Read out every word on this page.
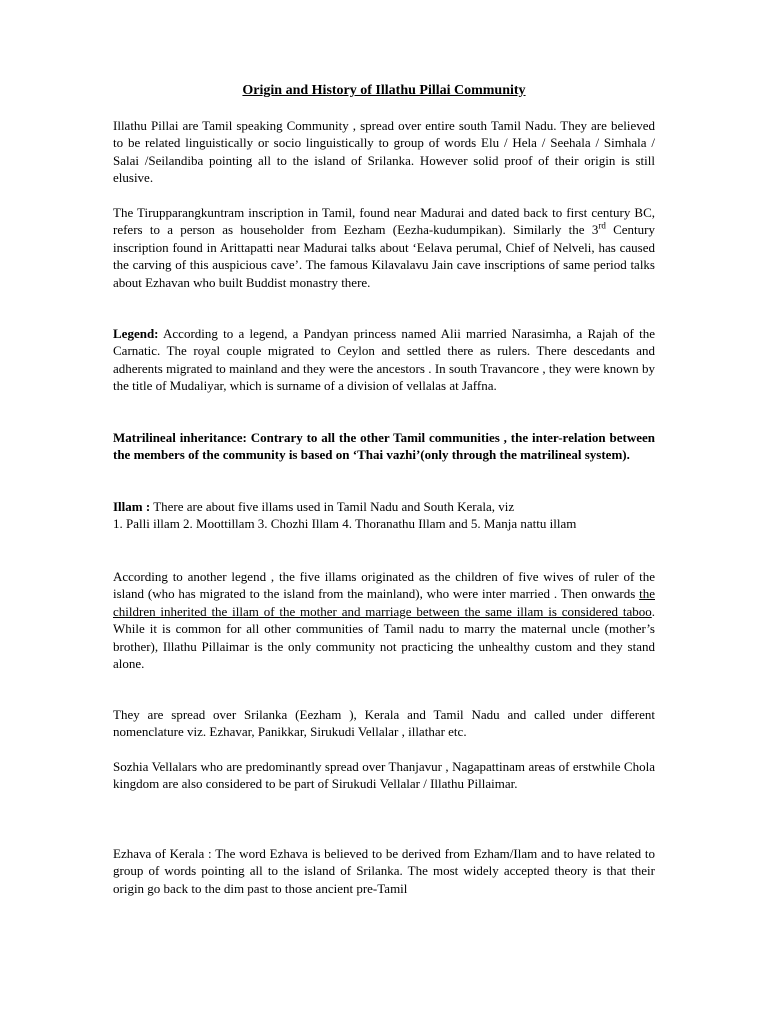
Origin and History of Illathu Pillai Community
Illathu Pillai are Tamil speaking Community , spread over entire south Tamil Nadu. They are believed to be related linguistically or socio linguistically to group of words Elu / Hela / Seehala / Simhala / Salai /Seilandiba pointing all to the island of Srilanka. However solid proof of their origin is still elusive.
The Tirupparangkuntram inscription in Tamil, found near Madurai and dated back to first century BC, refers to a person as householder from Eezham (Eezha-kudumpikan). Similarly the 3rd Century inscription found in Arittapatti near Madurai talks about ‘Eelava perumal, Chief of Nelveli, has caused the carving of this auspicious cave’. The famous Kilavalavu Jain cave inscriptions of same period talks about Ezhavan who built Buddist monastry there.
Legend: According to a legend, a Pandyan princess named Alii married Narasimha, a Rajah of the Carnatic. The royal couple migrated to Ceylon and settled there as rulers. There descedants and adherents migrated to mainland and they were the ancestors . In south Travancore , they were known by the title of Mudaliyar, which is surname of a division of vellalas at Jaffna.
Matrilineal inheritance: Contrary to all the other Tamil communities , the inter-relation between the members of the community is based on ‘Thai vazhi’(only through the matrilineal system).
Illam : There are about five illams used in Tamil Nadu and South Kerala, viz
1. Palli illam 2. Moottillam 3. Chozhi Illam 4. Thoranathu Illam and 5. Manja nattu illam
According to another legend , the five illams originated as the children of five wives of ruler of the island (who has migrated to the island from the mainland), who were inter married . Then onwards the children inherited the illam of the mother and marriage between the same illam is considered taboo. While it is common for all other communities of Tamil nadu to marry the maternal uncle (mother’s brother), Illathu Pillaimar is the only community not practicing the unhealthy custom and they stand alone.
They are spread over Srilanka (Eezham ), Kerala and Tamil Nadu and called under different nomenclature viz. Ezhavar, Panikkar, Sirukudi Vellalar , illathar etc.
Sozhia Vellalars who are predominantly spread over Thanjavur , Nagapattinam areas of erstwhile Chola kingdom are also considered to be part of Sirukudi Vellalar / Illathu Pillaimar.
Ezhava of Kerala : The word Ezhava is believed to be derived from Ezham/Ilam and to have related to group of words pointing all to the island of Srilanka. The most widely accepted theory is that their origin go back to the dim past to those ancient pre-Tamil
